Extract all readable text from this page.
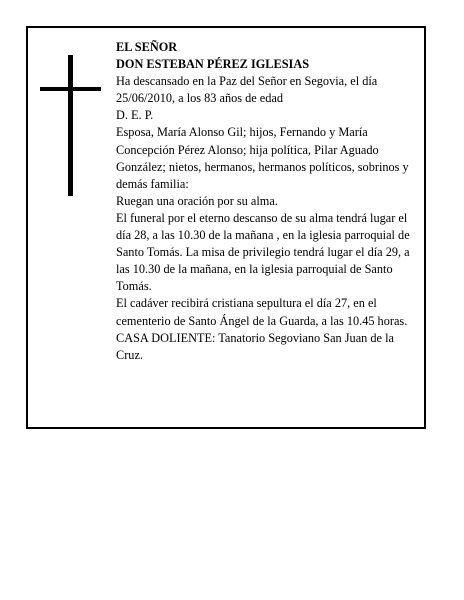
EL SEÑOR

DON ESTEBAN PÉREZ IGLESIAS

Ha descansado en la Paz del Señor en Segovia, el día 25/06/2010, a los 83 años de edad

D. E. P.

Esposa, María Alonso Gil; hijos, Fernando y María Concepción Pérez Alonso; hija política, Pilar Aguado González; nietos, hermanos, hermanos políticos, sobrinos y demás familia:

Ruegan una oración por su alma.

El funeral por el eterno descanso de su alma tendrá lugar el día 28, a las 10.30 de la mañana , en la iglesia parroquial de Santo Tomás. La misa de privilegio tendrá lugar el día 29, a las 10.30 de la mañana, en la iglesia parroquial de Santo Tomás.

El cadáver recibirá cristiana sepultura el día 27, en el cementerio de Santo Ángel de la Guarda, a las 10.45 horas.

CASA DOLIENTE: Tanatorio Segoviano San Juan de la Cruz.
